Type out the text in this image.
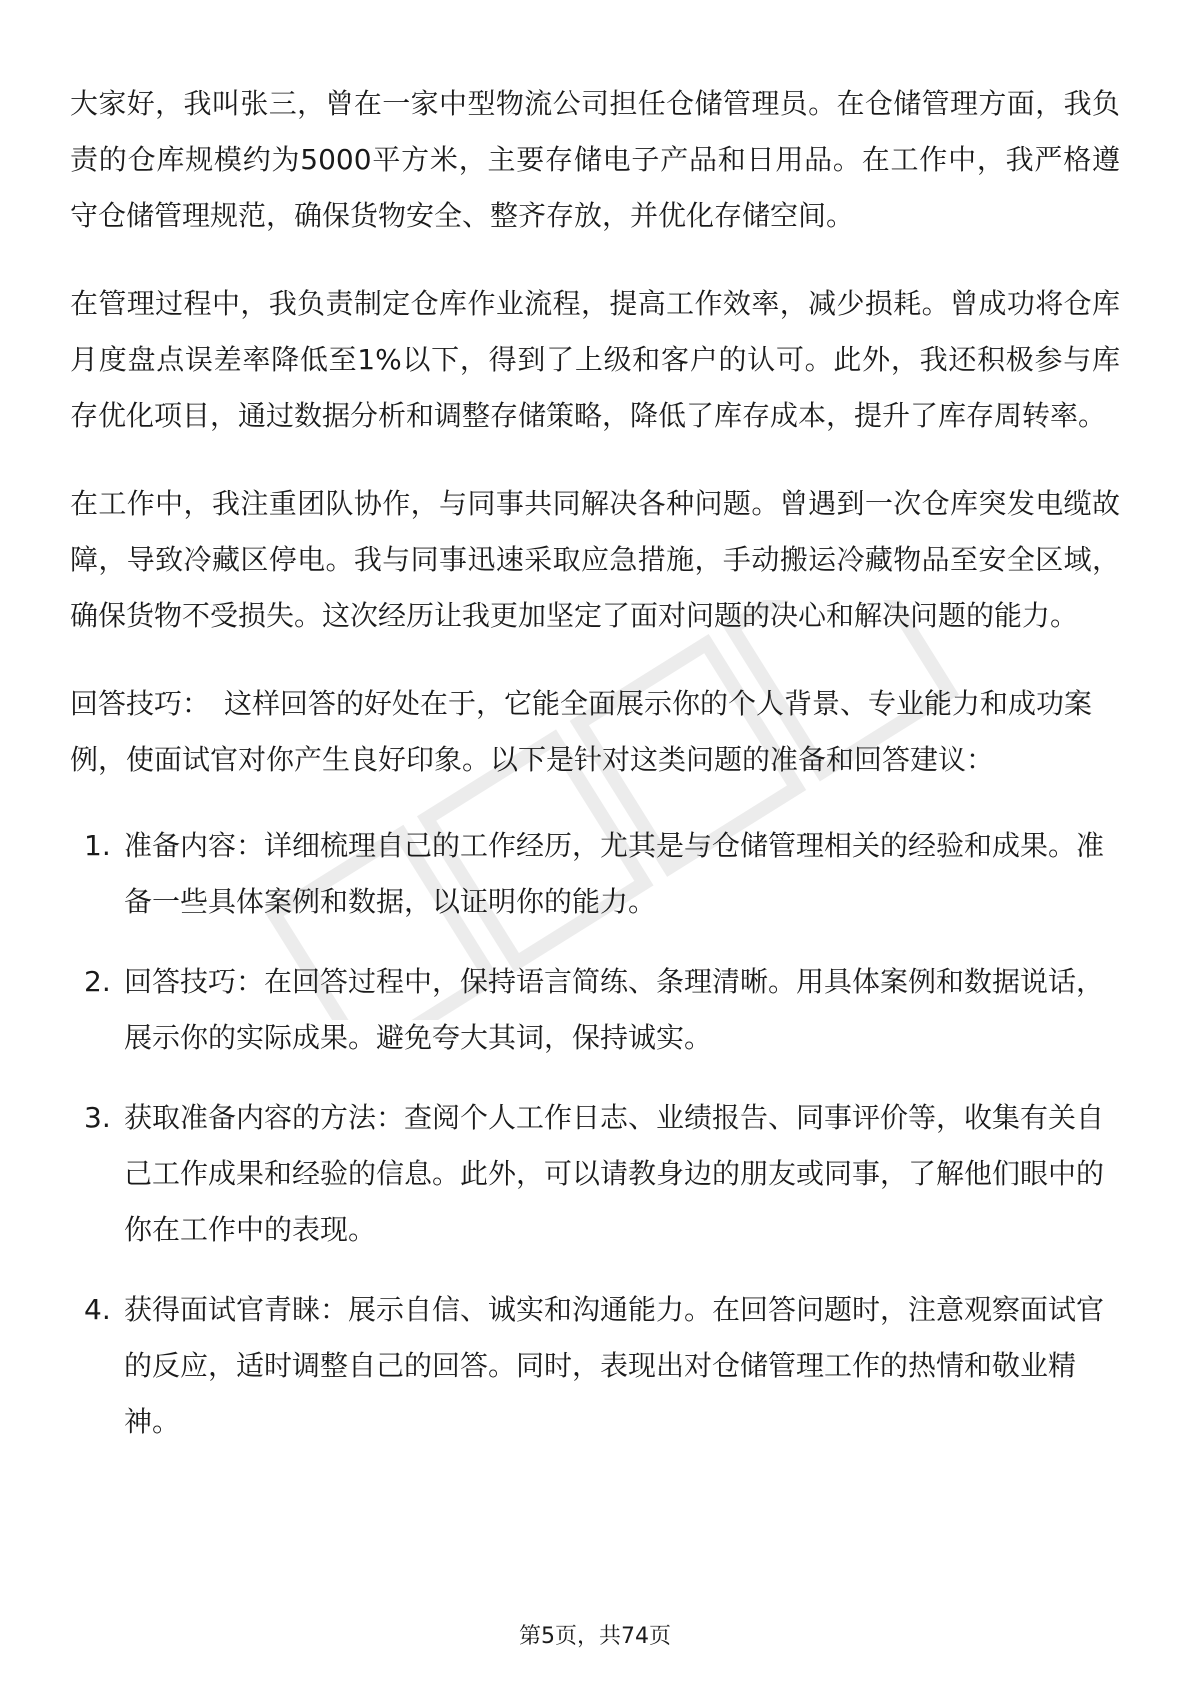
大家好，我叫张三，曾在一家中型物流公司担任仓储管理员。在仓储管理方面，我负责的仓库规模约为5000平方米，主要存储电子产品和日用品。在工作中，我严格遵守仓储管理规范，确保货物安全、整齐存放，并优化存储空间。

在管理过程中，我负责制定仓库作业流程，提高工作效率，减少损耗。曾成功将仓库月度盘点误差率降低至1%以下，得到了上级和客户的认可。此外，我还积极参与库存优化项目，通过数据分析和调整存储策略，降低了库存成本，提升了库存周转率。

在工作中，我注重团队协作，与同事共同解决各种问题。曾遇到一次仓库突发电缆故障，导致冷藏区停电。我与同事迅速采取应急措施，手动搬运冷藏物品至安全区域，确保货物不受损失。这次经历让我更加坚定了面对问题的决心和解决问题的能力。

回答技巧： 这样回答的好处在于，它能全面展示你的个人背景、专业能力和成功案例，使面试官对你产生良好印象。以下是针对这类问题的准备和回答建议：

1. 准备内容：详细梳理自己的工作经历，尤其是与仓储管理相关的经验和成果。准备一些具体案例和数据，以证明你的能力。
2. 回答技巧：在回答过程中，保持语言简练、条理清晰。用具体案例和数据说话，展示你的实际成果。避免夸大其词，保持诚实。
3. 获取准备内容的方法：查阅个人工作日志、业绩报告、同事评价等，收集有关自己工作成果和经验的信息。此外，可以请教身边的朋友或同事，了解他们眼中的你在工作中的表现。
4. 获得面试官青睐：展示自信、诚实和沟通能力。在回答问题时，注意观察面试官的反应，适时调整自己的回答。同时，表现出对仓储管理工作的热情和敬业精神。
第5页，共74页
